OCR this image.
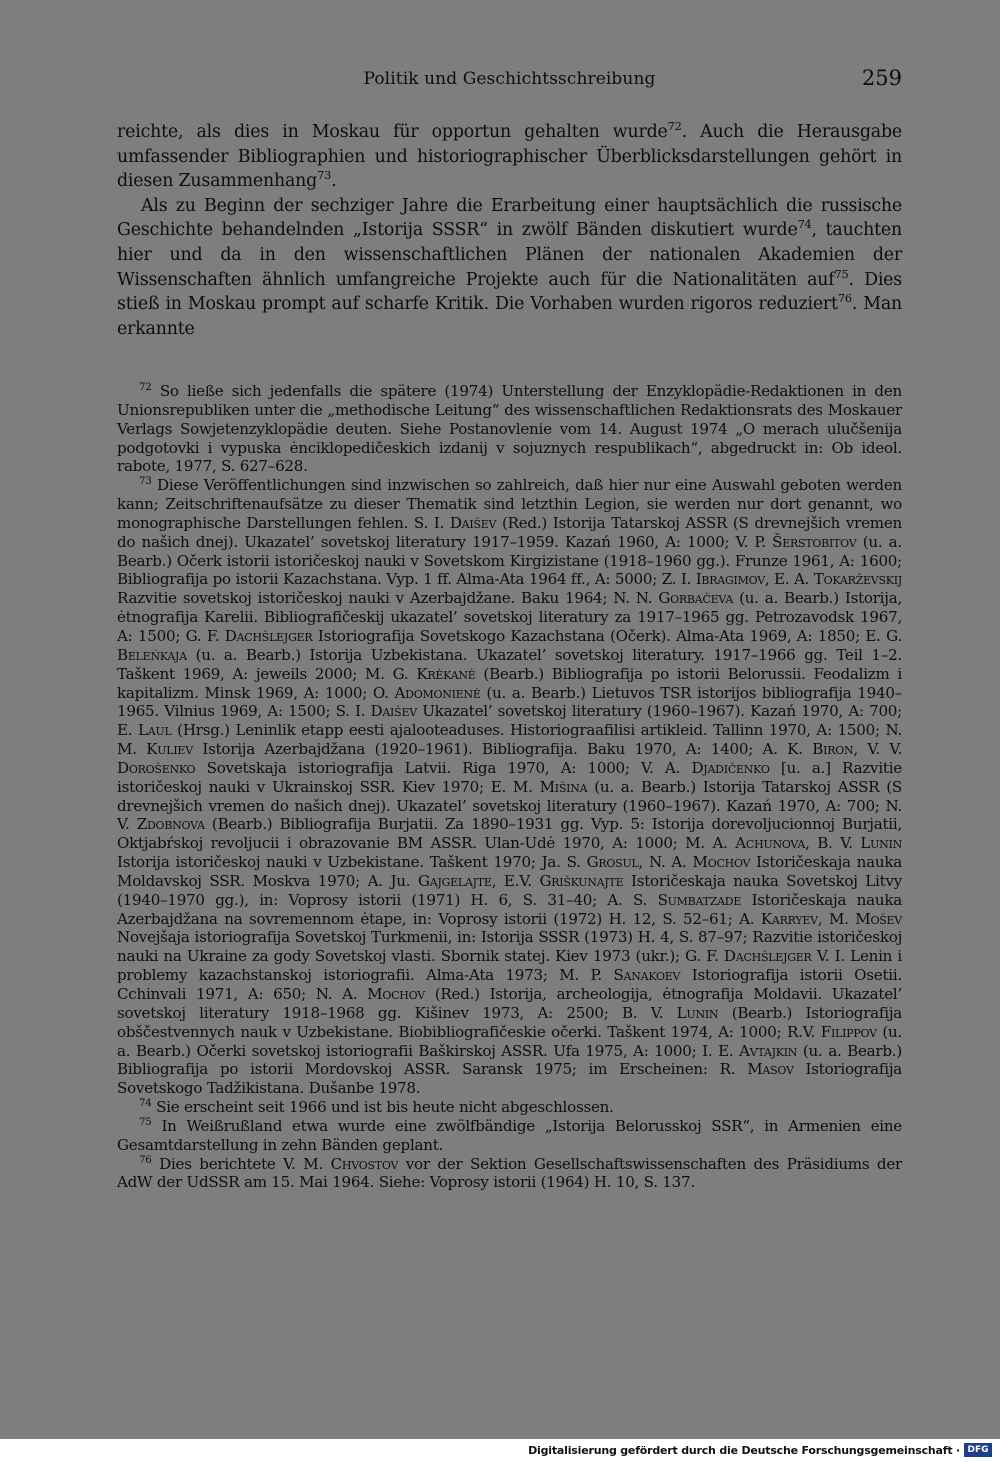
Politik und Geschichtsschreibung	259

reichte, als dies in Moskau für opportun gehalten wurde$^{72}$. Auch die Herausgabe umfassender Bibliographien und historiographischer Überblicksdarstellungen gehört in diesen Zusammenhang$^{73}$.

Als zu Beginn der sechziger Jahre die Erarbeitung einer hauptsächlich die russische Geschichte behandelnden „Istorija SSSR“ in zwölf Bänden diskutiert wurde$^{74}$, tauchten hier und da in den wissenschaftlichen Plänen der nationalen Akademien der Wissenschaften ähnlich umfangreiche Projekte auch für die Nationalitäten auf$^{75}$. Dies stieß in Moskau prompt auf scharfe Kritik. Die Vorhaben wurden rigoros reduziert$^{76}$. Man erkannte

$^{72}$ So ließe sich jedenfalls die spätere (1974) Unterstellung der Enzyklopädie-Redaktionen in den Unionsrepubliken unter die „methodische Leitung“ des wissenschaftlichen Redaktionsrats des Moskauer Verlags Sowjetenzyklopädie deuten. Siehe Postanovlenie vom 14. August 1974 „O merach ulučšenija podgotovki i vypuska ėnciklopedičeskich izdanij v sojuznych respublikach“, abgedruckt in: Ob ideol. rabote, 1977, S. 627–628.

$^{73}$ Diese Veröffentlichungen sind inzwischen so zahlreich, daß hier nur eine Auswahl geboten werden kann; Zeitschriftenaufsätze zu dieser Thematik sind letzthin Legion, sie werden nur dort genannt, wo monographische Darstellungen fehlen. S. I. Daišev (Red.) Istorija Tatarskoj ASSR (S drevnejšich vremen do našich dnej). Ukazatel’ sovetskoj literatury 1917–1959. Kazań 1960, A: 1000; V. P. Šerstobitov (u. a. Bearb.) Očerk istorii istoričeskoj nauki v Sovetskom Kirgizistane (1918–1960 gg.). Frunze 1961, A: 1600; Bibliografija po istorii Kazachstana. Vyp. 1 ff. Alma-Ata 1964 ff., A: 5000; Z. I. Ibragimov, E. A. Tokarževskij Razvitie sovetskoj istoričeskoj nauki v Azerbajdžane. Baku 1964; N. N. Gorbačeva (u. a. Bearb.) Istorija, ėtnografija Karelii. Bibliografičeskij ukazatel’ sovetskoj literatury za 1917–1965 gg. Petrozavodsk 1967, A: 1500; G. F. Dachšlejger Istoriografija Sovetskogo Kazachstana (Očerk). Alma-Ata 1969, A: 1850; E. G. Beleńkaja (u. a. Bearb.) Istorija Uzbekistana. Ukazatel’ sovetskoj literatury. 1917–1966 gg. Teil 1–2. Taškent 1969, A: jeweils 2000; M. G. Krėkanė (Bearb.) Bibliografija po istorii Belorussii. Feodalizm i kapitalizm. Minsk 1969, A: 1000; O. Adomonienė (u. a. Bearb.) Lietuvos TSR istorijos bibliografija 1940–1965. Vilnius 1969, A: 1500; S. I. Daišev Ukazatel’ sovetskoj literatury (1960–1967). Kazań 1970, A: 700; E. Laul (Hrsg.) Leninlik etapp eesti ajalooteaduses. Historiograafilisi artikleid. Tallinn 1970, A: 1500; N. M. Kuliev Istorija Azerbajdžana (1920–1961). Bibliografija. Baku 1970, A: 1400; A. K. Biron, V. V. Dorošenko Sovetskaja istoriografija Latvii. Riga 1970, A: 1000; V. A. Djadičenko [u. a.] Razvitie istoričeskoj nauki v Ukrainskoj SSR. Kiev 1970; E. M. Mišina (u. a. Bearb.) Istorija Tatarskoj ASSR (S drevnejšich vremen do našich dnej). Ukazatel’ sovetskoj literatury (1960–1967). Kazań 1970, A: 700; N. V. Zdobnova (Bearb.) Bibliografija Burjatii. Za 1890–1931 gg. Vyp. 5: Istorija dorevoljucionnoj Burjatii, Oktjabŕskoj revoljucii i obrazovanie BM ASSR. Ulan-Udė 1970, A: 1000; M. A. Achunova, B. V. Lunin Istorija istoričeskoj nauki v Uzbekistane. Taškent 1970; Ja. S. Grosul, N. A. Mochov Istoričeskaja nauka Moldavskoj SSR. Moskva 1970; A. Ju. Gajgelajte, E.V. Griškunajte Istoričeskaja nauka Sovetskoj Litvy (1940–1970 gg.), in: Voprosy istorii (1971) H. 6, S. 31–40; A. S. Sumbatzade Istoričeskaja nauka Azerbajdžana na sovremennom ėtape, in: Voprosy istorii (1972) H. 12, S. 52–61; A. Karryev, M. Mošev Novejšaja istoriografija Sovetskoj Turkmenii, in: Istorija SSSR (1973) H. 4, S. 87–97; Razvitie istoričeskoj nauki na Ukraine za gody Sovetskoj vlasti. Sbornik statej. Kiev 1973 (ukr.); G. F. Dachšlejger V. I. Lenin i problemy kazachstanskoj istoriografii. Alma-Ata 1973; M. P. Sanakoev Istoriografija istorii Osetii. Cchinvali 1971, A: 650; N. A. Mochov (Red.) Istorija, archeologija, ėtnografija Moldavii. Ukazatel’ sovetskoj literatury 1918–1968 gg. Kišinev 1973, A: 2500; B. V. Lunin (Bearb.) Istoriografija obščestvennych nauk v Uzbekistane. Biobibliografičeskie očerki. Taškent 1974, A: 1000; R.V. Filippov (u. a. Bearb.) Očerki sovetskoj istoriografii Baškirskoj ASSR. Ufa 1975, A: 1000; I. E. Avtajkin (u. a. Bearb.) Bibliografija po istorii Mordovskoj ASSR. Saransk 1975; im Erscheinen: R. Masov Istoriografija Sovetskogo Tadžikistana. Dušanbe 1978.

$^{74}$ Sie erscheint seit 1966 und ist bis heute nicht abgeschlossen.

$^{75}$ In Weißrußland etwa wurde eine zwölfbändige „Istorija Belorusskoj SSR“, in Armenien eine Gesamtdarstellung in zehn Bänden geplant.

$^{76}$ Dies berichtete V. M. Chvostov vor der Sektion Gesellschaftswissenschaften des Präsidiums der AdW der UdSSR am 15. Mai 1964. Siehe: Voprosy istorii (1964) H. 10, S. 137.

Digitalisierung gefördert durch die Deutsche Forschungsgemeinschaft · DFG
